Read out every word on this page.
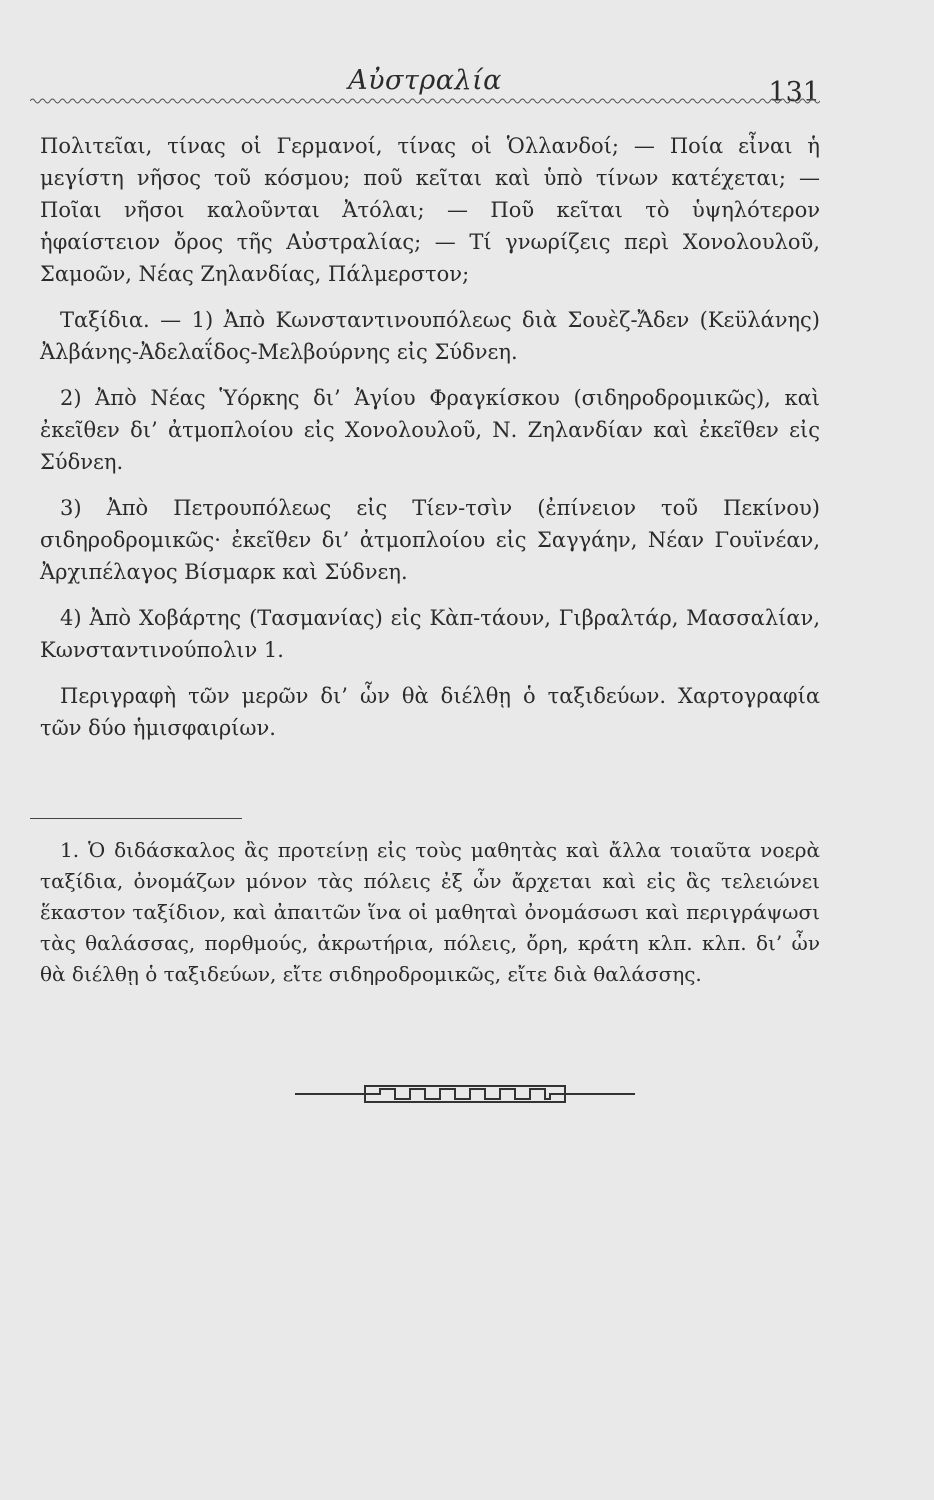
Αὐστραλία	131

Πολιτεῖαι, τίνας οἱ Γερμανοί, τίνας οἱ Ὁλλανδοί; — Ποία εἶναι ἡ μεγίστη νῆσος τοῦ κόσμου; ποῦ κεῖται καὶ ὑπὸ τίνων κατέχεται; — Ποῖαι νῆσοι καλοῦνται Ἀτόλαι; — Ποῦ κεῖται τὸ ὑψηλότερον ἡφαίστειον ὄρος τῆς Αὐστραλίας; — Τί γνωρίζεις περὶ Χονολουλοῦ, Σαμοῶν, Νέας Ζηλανδίας, Πάλμερστον;

Ταξίδια. — 1) Ἀπὸ Κωνσταντινουπόλεως διὰ Σουὲζ-Ἄδεν (Κεϋλάνης) Ἀλβάνης-Ἀδελαΐδος-Μελβούρνης εἰς Σύδνεη.

2) Ἀπὸ Νέας Ὑόρκης δι’ Ἁγίου Φραγκίσκου (σιδηροδρομικῶς), καὶ ἐκεῖθεν δι’ ἀτμοπλοίου εἰς Χονολουλοῦ, Ν. Ζηλανδίαν καὶ ἐκεῖθεν εἰς Σύδνεη.

3) Ἀπὸ Πετρουπόλεως εἰς Τίεν-τσὶν (ἐπίνειον τοῦ Πεκίνου) σιδηροδρομικῶς· ἐκεῖθεν δι’ ἀτμοπλοίου εἰς Σαγγάην, Νέαν Γουϊνέαν, Ἀρχιπέλαγος Βίσμαρκ καὶ Σύδνεη.

4) Ἀπὸ Χοβάρτης (Τασμανίας) εἰς Κὰπ-τάουν, Γιβραλτάρ, Μασσαλίαν, Κωνσταντινούπολιν 1.

Περιγραφὴ τῶν μερῶν δι’ ὧν θὰ διέλθῃ ὁ ταξιδεύων. Χαρτογραφία τῶν δύο ἡμισφαιρίων.

1. Ὁ διδάσκαλος ἂς προτείνῃ εἰς τοὺς μαθητὰς καὶ ἄλλα τοιαῦτα νοερὰ ταξίδια, ὀνομάζων μόνον τὰς πόλεις ἐξ ὧν ἄρχεται καὶ εἰς ἃς τελειώνει ἕκαστον ταξίδιον, καὶ ἀπαιτῶν ἵνα οἱ μαθηταὶ ὀνομάσωσι καὶ περιγράψωσι τὰς θαλάσσας, πορθμούς, ἀκρωτήρια, πόλεις, ὄρη, κράτη κλπ. κλπ. δι’ ὧν θὰ διέλθῃ ὁ ταξιδεύων, εἴτε σιδηροδρομικῶς, εἴτε διὰ θαλάσσης.
